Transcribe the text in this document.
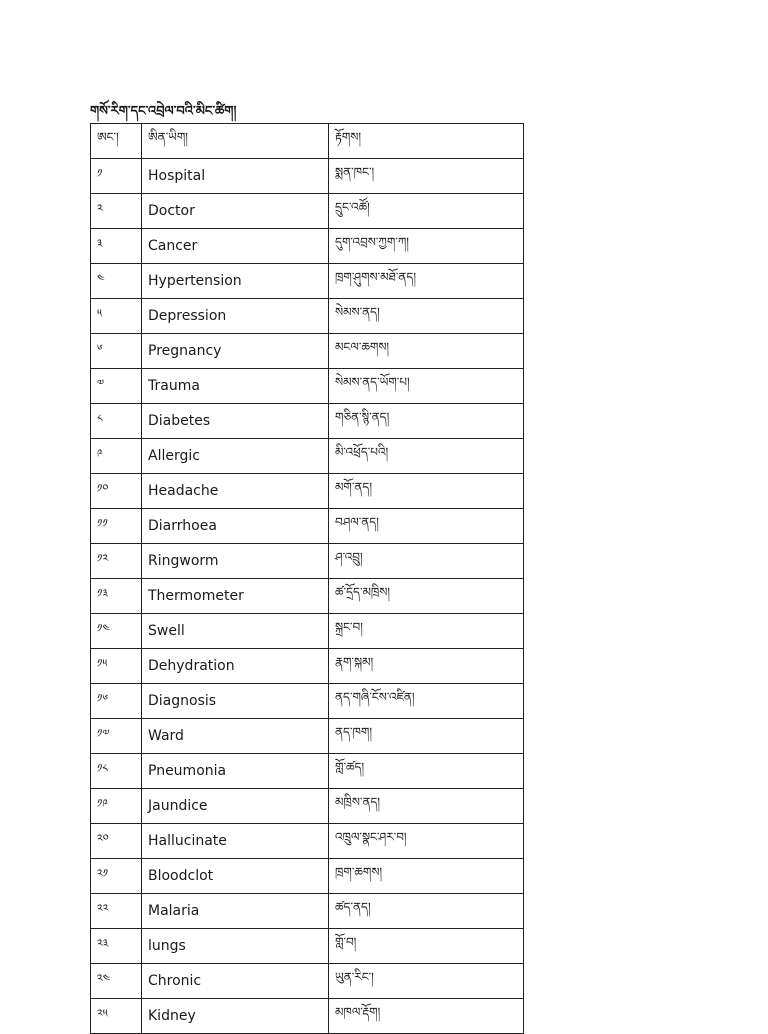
གསོ་རིག་དང་འབྲེལ་བའི་མིང་ཚིག།
ཨང་།	ཨིན་ཡིག།	རྟོགས།
༡	Hospital	སྨན་ཁང་།
༢	Doctor	དྲུང་འཚོ།
༣	Cancer	དུག་འབྲས་ཀྱག་ཀ།
༤	Hypertension	ཁྲག་ཤུགས་མཐོ་ནད།
༥	Depression	སེམས་ནད།
༦	Pregnancy	མངལ་ཆགས།
༧	Trauma	སེམས་ནད་ཡོག་པ།
༨	Diabetes	གཅིན་སྙི་ནད།
༩	Allergic	མི་འཕྲོད་པའི།
༡༠	Headache	མགོ་ནད།
༡༡	Diarrhoea	བཤལ་ནད།
༡༢	Ringworm	ཤ་འབྲུ།
༡༣	Thermometer	ཚ་དྲོད་མཁྲིས།
༡༤	Swell	སྐྲང་བ།
༡༥	Dehydration	རྣག་སྐམ།
༡༦	Diagnosis	ནད་གཞི་ངོས་འཛིན།
༡༧	Ward	ནད་ཁག།
༡༨	Pneumonia	གློ་ཚད།
༡༩	Jaundice	མཁྲིས་ནད།
༢༠	Hallucinate	འཁྲུལ་སྣང་ཤར་བ།
༢༡	Bloodclot	ཁྲག་ཆགས།
༢༢	Malaria	ཚད་ནད།
༢༣	lungs	གློ་བ།
༢༤	Chronic	ཡུན་རིང་།
༢༥	Kidney	མཁལ་རྡོག།
